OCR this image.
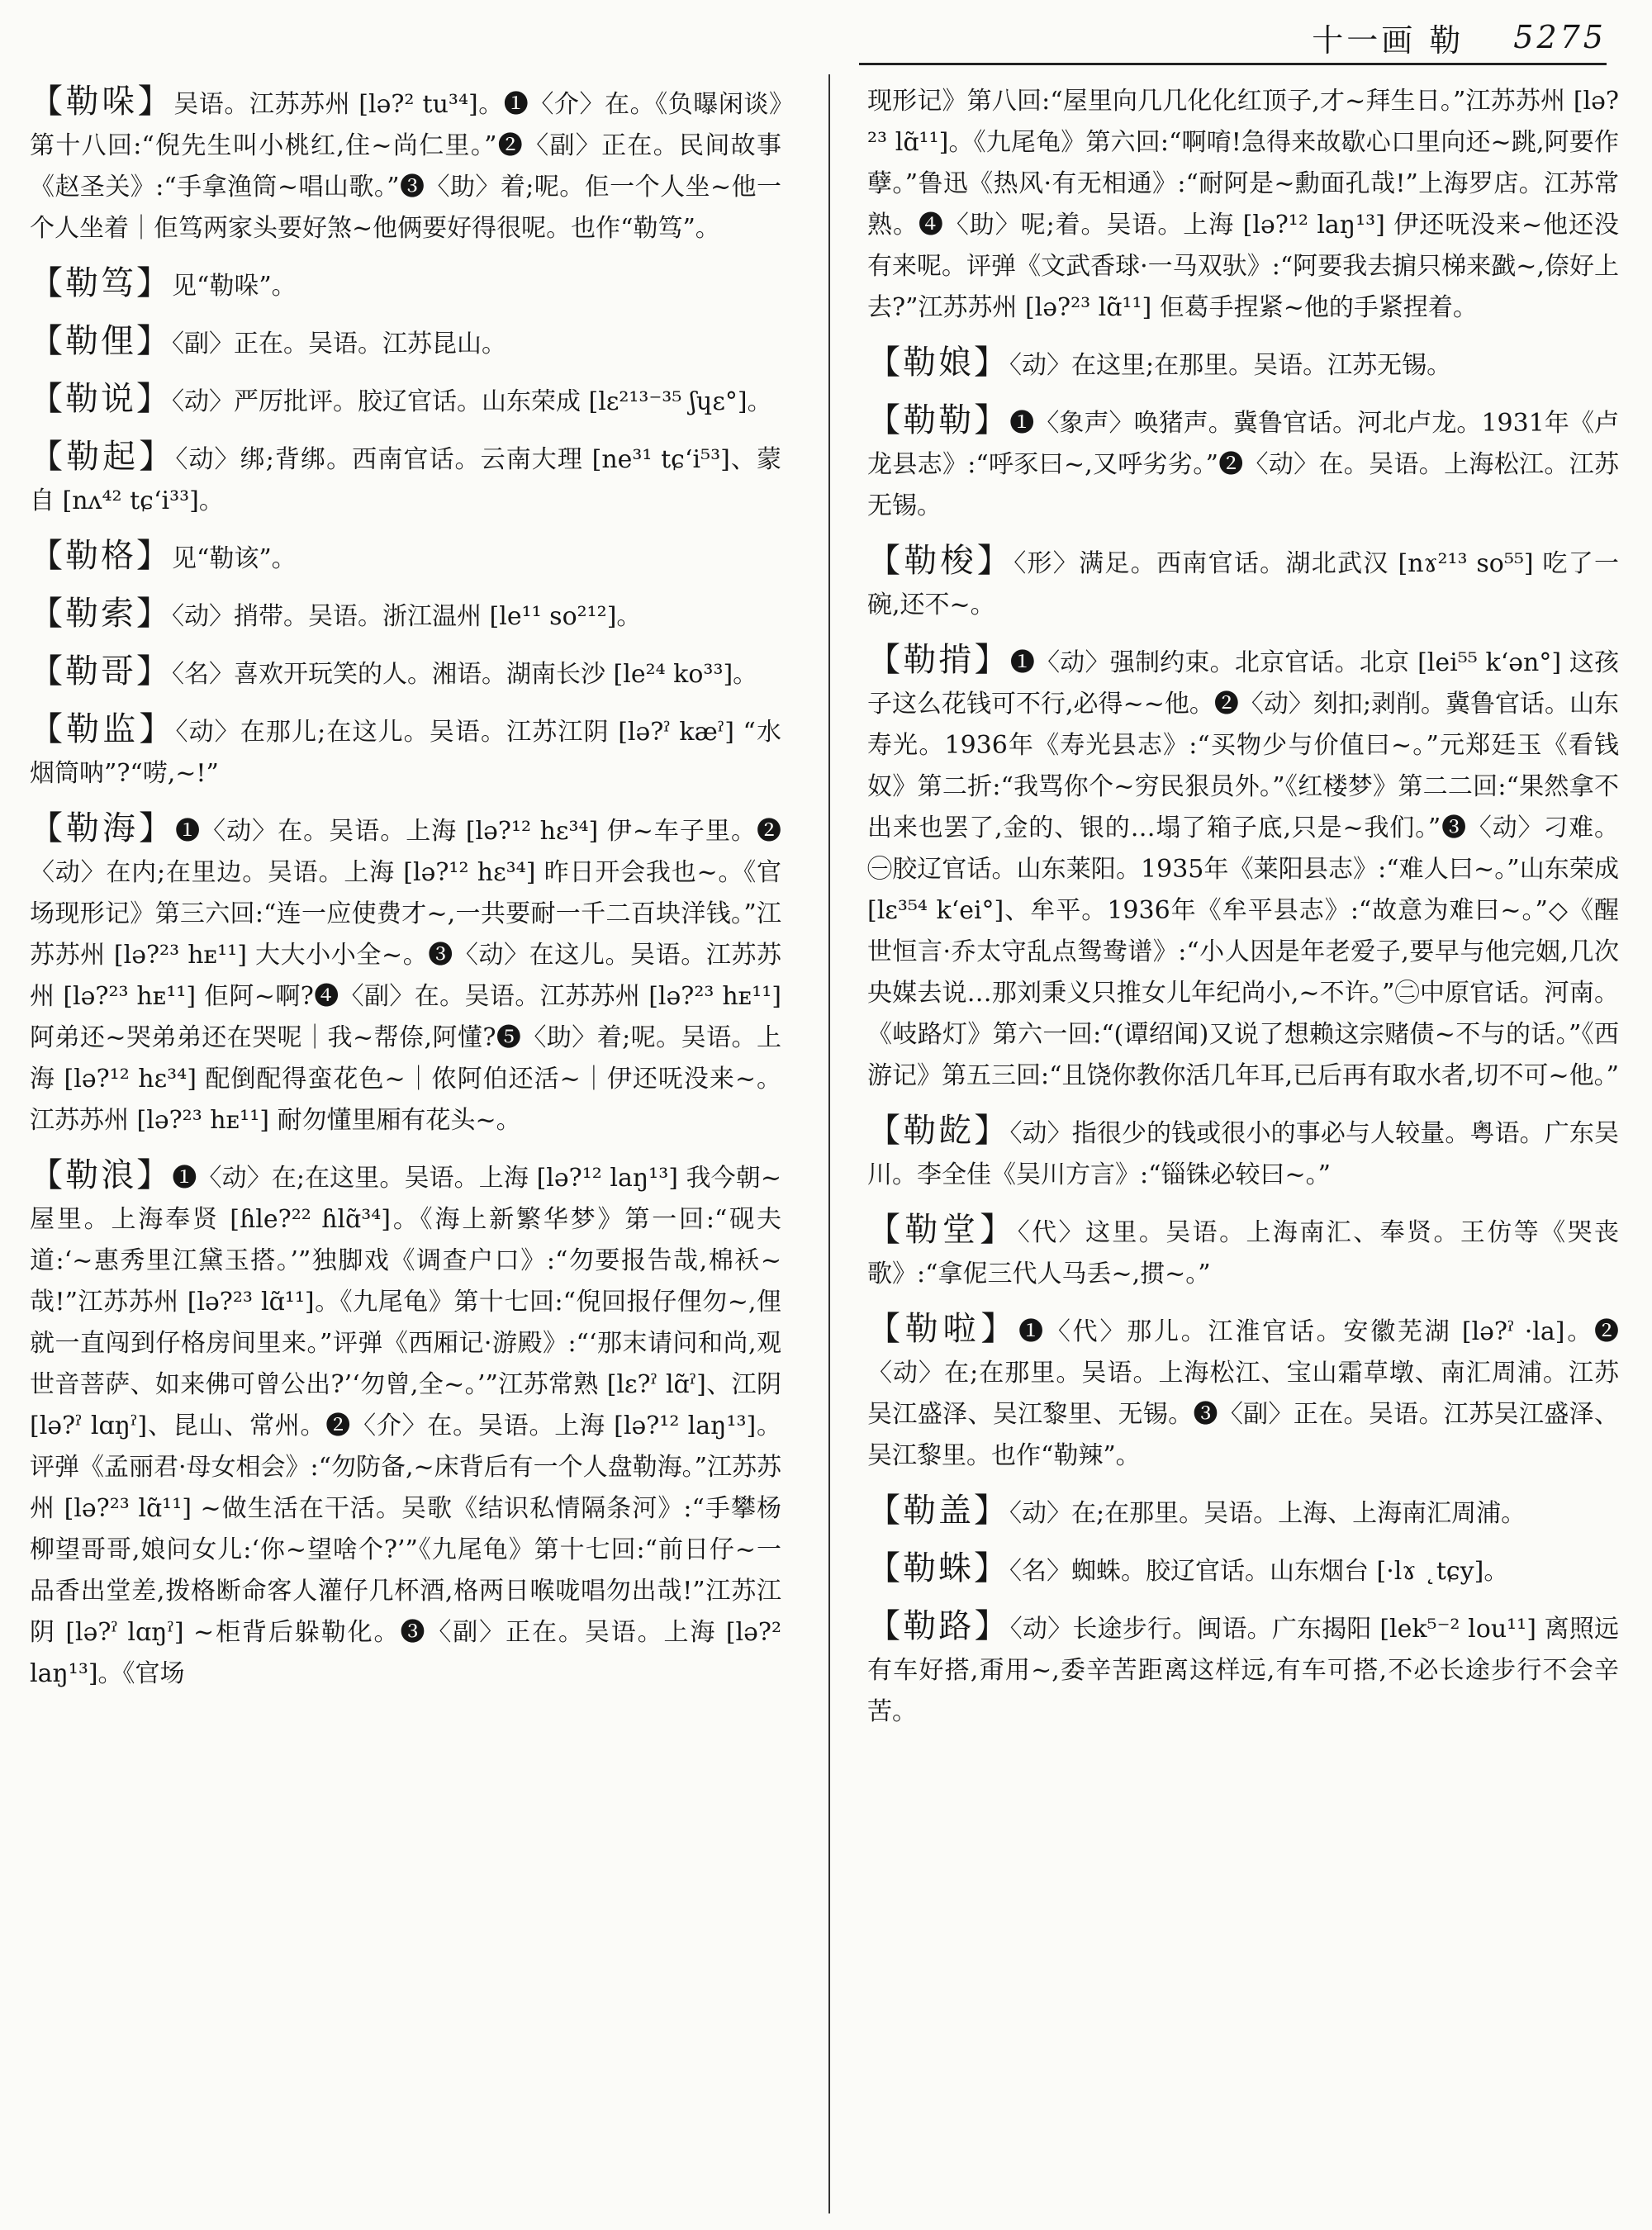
十一画 勒 5275

【勒哚】吴语。江苏苏州 [lə?² tu³⁴]。❶〈介〉在。《负曝闲谈》第十八回:“倪先生叫小桃红,住~尚仁里。”❷〈副〉正在。民间故事《赵圣关》:“手拿渔筒~唱山歌。”❸〈助〉着;呢。佢一个人坐~他一个人坐着｜佢笃两家头要好煞~他俩要好得很呢。也作“勒笃”。

【勒笃】见“勒哚”。

【勒俚】〈副〉正在。吴语。江苏昆山。

【勒说】〈动〉严厉批评。胶辽官话。山东荣成 [lɛ²¹³⁻³⁵ ʃɥɛ°]。

【勒起】〈动〉绑;背绑。西南官话。云南大理 [ne³¹ tɕ‘i⁵³]、蒙自 [nʌ⁴² tɕ‘i³³]。

【勒格】见“勒该”。

【勒索】〈动〉捎带。吴语。浙江温州 [le¹¹ so²¹²]。

【勒哥】〈名〉喜欢开玩笑的人。湘语。湖南长沙 [le²⁴ ko³³]。

【勒监】〈动〉在那儿;在这儿。吴语。江苏江阴 [lə?ˀ kæˀ] “水烟筒呐”?“唠,~!”

【勒海】❶〈动〉在。吴语。上海 [lə?¹² hɛ³⁴] 伊~车子里。❷〈动〉在内;在里边。吴语。上海 [lə?¹² hɛ³⁴] 昨日开会我也~。《官场现形记》第三六回:“连一应使费才~,一共要耐一千二百块洋钱。”江苏苏州 [lə?²³ hᴇ¹¹] 大大小小全~。❸〈动〉在这儿。吴语。江苏苏州 [lə?²³ hᴇ¹¹] 佢阿~啊?❹〈副〉在。吴语。江苏苏州 [lə?²³ hᴇ¹¹] 阿弟还~哭弟弟还在哭呢｜我~帮倷,阿懂?❺〈助〉着;呢。吴语。上海 [lə?¹² hɛ³⁴] 配倒配得蛮花色~｜侬阿伯还活~｜伊还呒没来~。江苏苏州 [lə?²³ hᴇ¹¹] 耐勿懂里厢有花头~。

【勒浪】❶〈动〉在;在这里。吴语。上海 [lə?¹² laŋ¹³] 我今朝~屋里。上海奉贤 [ɦle?²² ɦlɑ̃³⁴]。《海上新繁华梦》第一回:“砚夫道:‘~惠秀里江黛玉搭。’”独脚戏《调查户口》:“勿要报告哉,棉袄~哉!”江苏苏州 [lə?²³ lɑ̃¹¹]。《九尾龟》第十七回:“倪回报仔俚勿~,俚就一直闯到仔格房间里来。”评弹《西厢记·游殿》:“‘那末请问和尚,观世音菩萨、如来佛可曾公出?’‘勿曾,全~。’”江苏常熟 [lɛ?ˀ lɑ̃ˀ]、江阴 [lə?ˀ lɑŋˀ]、昆山、常州。❷〈介〉在。吴语。上海 [lə?¹² laŋ¹³]。评弹《孟丽君·母女相会》:“勿防备,~床背后有一个人盘勒海。”江苏苏州 [lə?²³ lɑ̃¹¹] ~做生活在干活。吴歌《结识私情隔条河》:“手攀杨柳望哥哥,娘问女儿:‘你~望啥个?’”《九尾龟》第十七回:“前日仔~一品香出堂差,拨格断命客人灌仔几杯酒,格两日喉咙唱勿出哉!”江苏江阴 [lə?ˀ lɑŋˀ] ~柜背后躲勒化。❸〈副〉正在。吴语。上海 [lə?² laŋ¹³]。《官场

现形记》第八回:“屋里向几几化化红顶子,才~拜生日。”江苏苏州 [lə?²³ lɑ̃¹¹]。《九尾龟》第六回:“啊唷!急得来故歇心口里向还~跳,阿要作孽。”鲁迅《热风·有无相通》:“耐阿是~勳面孔哉!”上海罗店。江苏常熟。❹〈助〉呢;着。吴语。上海 [lə?¹² laŋ¹³] 伊还呒没来~他还没有来呢。评弹《文武香球·一马双驮》:“阿要我去掮只梯来戤~,倷好上去?”江苏苏州 [lə?²³ lɑ̃¹¹] 佢葛手捏紧~他的手紧捏着。

【勒娘】〈动〉在这里;在那里。吴语。江苏无锡。

【勒勒】❶〈象声〉唤猪声。冀鲁官话。河北卢龙。1931年《卢龙县志》:“呼豕曰~,又呼劣劣。”❷〈动〉在。吴语。上海松江。江苏无锡。

【勒梭】〈形〉满足。西南官话。湖北武汉 [nɤ²¹³ so⁵⁵] 吃了一碗,还不~。

【勒掯】❶〈动〉强制约束。北京官话。北京 [lei⁵⁵ k‘ən°] 这孩子这么花钱可不行,必得~~他。❷〈动〉刻扣;剥削。冀鲁官话。山东寿光。1936年《寿光县志》:“买物少与价值曰~。”元郑廷玉《看钱奴》第二折:“我骂你个~穷民狠员外。”《红楼梦》第二二回:“果然拿不出来也罢了,金的、银的…塌了箱子底,只是~我们。”❸〈动〉刁难。㊀胶辽官话。山东莱阳。1935年《莱阳县志》:“难人曰~。”山东荣成 [lɛ³⁵⁴ k‘ei°]、牟平。1936年《牟平县志》:“故意为难曰~。”◇《醒世恒言·乔太守乱点鸳鸯谱》:“小人因是年老爱子,要早与他完姻,几次央媒去说…那刘秉义只推女儿年纪尚小,~不许。”㊁中原官话。河南。《岐路灯》第六一回:“(谭绍闻)又说了想赖这宗赌债~不与的话。”《西游记》第五三回:“且饶你教你活几年耳,已后再有取水者,切不可~他。”

【勒龁】〈动〉指很少的钱或很小的事必与人较量。粤语。广东吴川。李全佳《吴川方言》:“锱铢必较曰~。”

【勒堂】〈代〉这里。吴语。上海南汇、奉贤。王仿等《哭丧歌》:“拿伲三代人马丢~,掼~。”

【勒啦】❶〈代〉那儿。江淮官话。安徽芜湖 [lə?ˀ ·la]。❷〈动〉在;在那里。吴语。上海松江、宝山霜草墩、南汇周浦。江苏吴江盛泽、吴江黎里、无锡。❸〈副〉正在。吴语。江苏吴江盛泽、吴江黎里。也作“勒辣”。

【勒盖】〈动〉在;在那里。吴语。上海、上海南汇周浦。

【勒蛛】〈名〉蜘蛛。胶辽官话。山东烟台 [·lɤ ˛tɕy]。

【勒路】〈动〉长途步行。闽语。广东揭阳 [lek⁵⁻² lou¹¹] 离照远有车好搭,甭用~,委辛苦距离这样远,有车可搭,不必长途步行不会辛苦。
